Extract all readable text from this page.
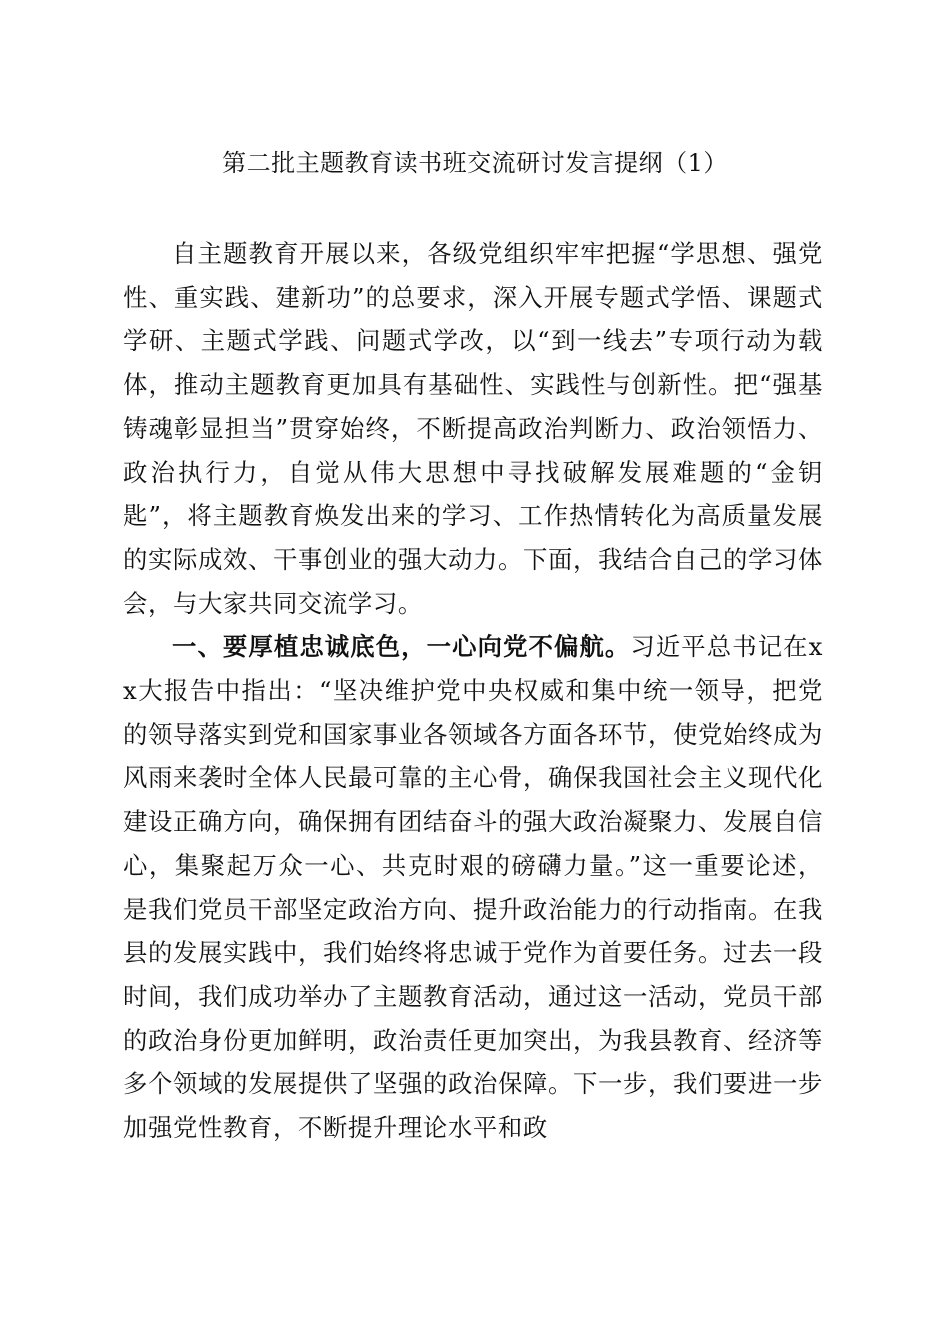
第二批主题教育读书班交流研讨发言提纲（1）

自主题教育开展以来，各级党组织牢牢把握“学思想、强党性、重实践、建新功”的总要求，深入开展专题式学悟、课题式学研、主题式学践、问题式学改，以“到一线去”专项行动为载体，推动主题教育更加具有基础性、实践性与创新性。把“强基铸魂彰显担当”贯穿始终，不断提高政治判断力、政治领悟力、政治执行力，自觉从伟大思想中寻找破解发展难题的“金钥匙”，将主题教育焕发出来的学习、工作热情转化为高质量发展的实际成效、干事创业的强大动力。下面，我结合自己的学习体会，与大家共同交流学习。

一、要厚植忠诚底色，一心向党不偏航。习近平总书记在xx大报告中指出：“坚决维护党中央权威和集中统一领导，把党的领导落实到党和国家事业各领域各方面各环节，使党始终成为风雨来袭时全体人民最可靠的主心骨，确保我国社会主义现代化建设正确方向，确保拥有团结奋斗的强大政治凝聚力、发展自信心，集聚起万众一心、共克时艰的磅礴力量。”这一重要论述，是我们党员干部坚定政治方向、提升政治能力的行动指南。在我县的发展实践中，我们始终将忠诚于党作为首要任务。过去一段时间，我们成功举办了主题教育活动，通过这一活动，党员干部的政治身份更加鲜明，政治责任更加突出，为我县教育、经济等多个领域的发展提供了坚强的政治保障。下一步，我们要进一步加强党性教育，不断提升理论水平和政
